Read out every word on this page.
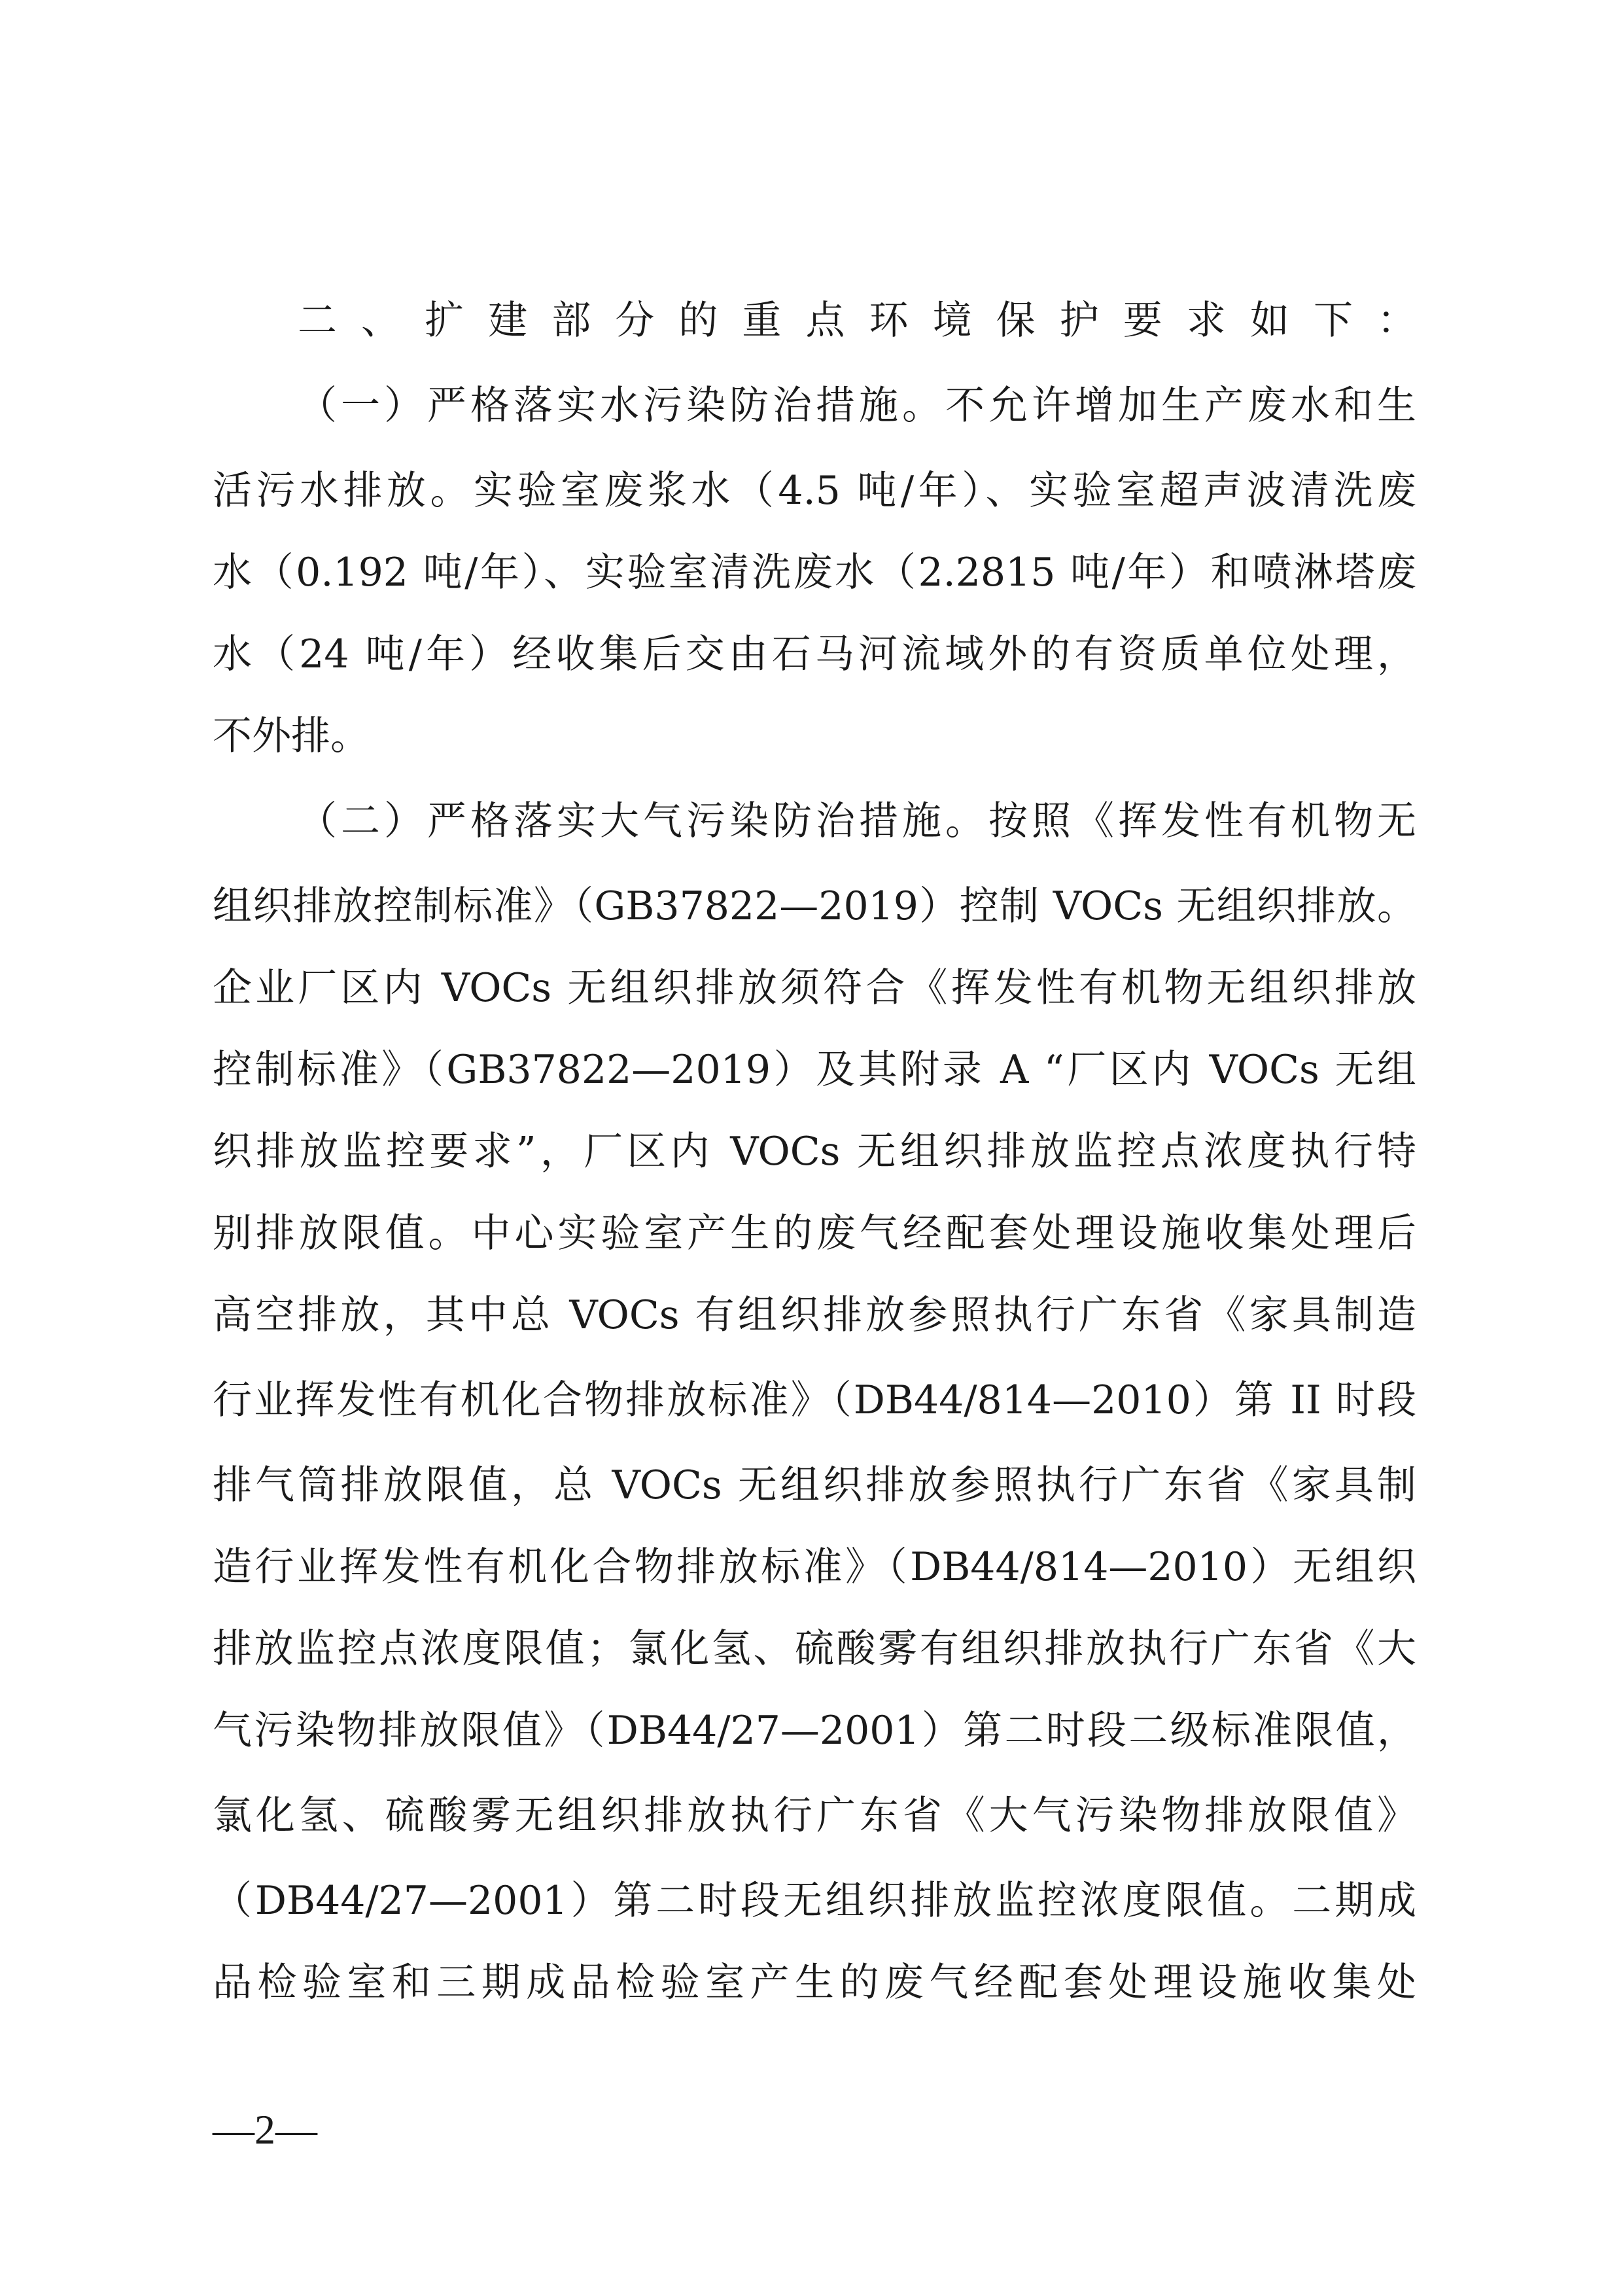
二、扩建部分的重点环境保护要求如下：
（一）严格落实水污染防治措施。不允许增加生产废水和生
活污水排放。实验室废浆水（4.5 吨/年）、实验室超声波清洗废
水（0.192 吨/年）、实验室清洗废水（2.2815 吨/年）和喷淋塔废
水（24 吨/年）经收集后交由石马河流域外的有资质单位处理，
不外排。
（二）严格落实大气污染防治措施。按照《挥发性有机物无
组织排放控制标准》（GB37822—2019）控制 VOCs 无组织排放。
企业厂区内 VOCs 无组织排放须符合《挥发性有机物无组织排放
控制标准》（GB37822—2019）及其附录 A “厂区内 VOCs 无组
织排放监控要求”，厂区内 VOCs 无组织排放监控点浓度执行特
别排放限值。中心实验室产生的废气经配套处理设施收集处理后
高空排放，其中总 VOCs 有组织排放参照执行广东省《家具制造
行业挥发性有机化合物排放标准》（DB44/814—2010）第 II 时段
排气筒排放限值，总 VOCs 无组织排放参照执行广东省《家具制
造行业挥发性有机化合物排放标准》（DB44/814—2010）无组织
排放监控点浓度限值；氯化氢、硫酸雾有组织排放执行广东省《大
气污染物排放限值》（DB44/27—2001）第二时段二级标准限值，
氯化氢、硫酸雾无组织排放执行广东省《大气污染物排放限值》
（DB44/27—2001）第二时段无组织排放监控浓度限值。二期成
品检验室和三期成品检验室产生的废气经配套处理设施收集处
—2—
